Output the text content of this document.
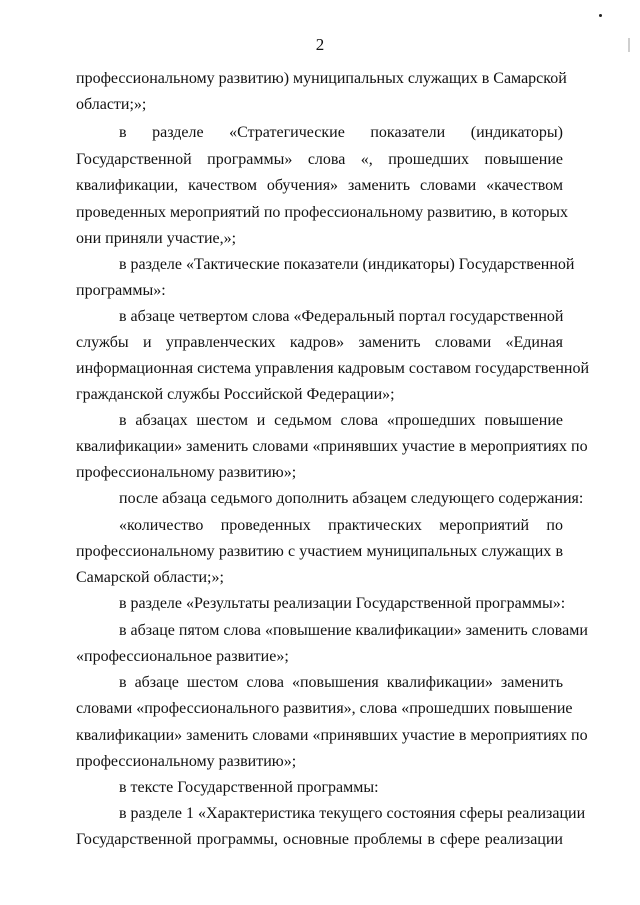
2
профессиональному развитию) муниципальных служащих в Самарской
области;»;
в разделе «Стратегические показатели (индикаторы)
Государственной программы» слова «, прошедших повышение
квалификации, качеством обучения» заменить словами «качеством
проведенных мероприятий по профессиональному развитию, в которых
они приняли участие,»;
в разделе «Тактические показатели (индикаторы) Государственной
программы»:
в абзаце четвертом слова «Федеральный портал государственной
службы и управленческих кадров» заменить словами «Единая
информационная система управления кадровым составом государственной
гражданской службы Российской Федерации»;
в абзацах шестом и седьмом слова «прошедших повышение
квалификации» заменить словами «принявших участие в мероприятиях по
профессиональному развитию»;
после абзаца седьмого дополнить абзацем следующего содержания:
«количество проведенных практических мероприятий по
профессиональному развитию с участием муниципальных служащих в
Самарской области;»;
в разделе «Результаты реализации Государственной программы»:
в абзаце пятом слова «повышение квалификации» заменить словами
«профессиональное развитие»;
в абзаце шестом слова «повышения квалификации» заменить
словами «профессионального развития», слова «прошедших повышение
квалификации» заменить словами «принявших участие в мероприятиях по
профессиональному развитию»;
в тексте Государственной программы:
в разделе 1 «Характеристика текущего состояния сферы реализации
Государственной программы, основные проблемы в сфере реализации
